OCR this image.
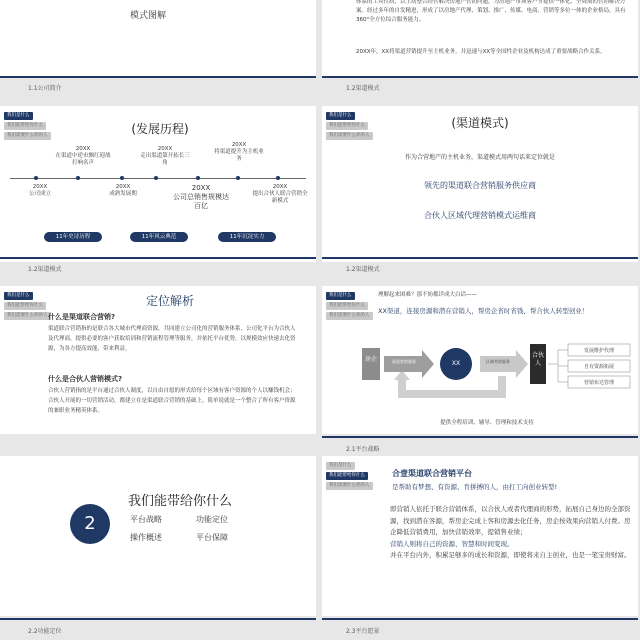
模式图解
体系的工具性质，以主动整合经营解决房地产营销问题，为房地产市场客户节提供一体化、全周期的营销解决方案。经过多年的自发精进，形成了以房地产代理、策划、推广、传媒、电商、营销等多位一体的企业格局，具有360°全方位综合服务能力。
20XX年，XX将渠道营销提升至主机业务，并迅速与XX等全国性企业及机构达成了重要战略合作关系。
1.1公司简介	1.2渠道模式
我们是什么
我们能带给你什么
我们需要什么样的人	(发展历程)
20XX
在渠道中逆市飘红迎战打响名声
20XX
走出渠道第开拓长三角
20XX
将渠道提升为主机业务
20XX
公司成立
20XX
成熟发展期
20XX
公司总销售规模达百亿
20XX
提出合伙人联合营销全新模式
11年史诗历程	11年风云典范	11年沉淀实力
1.2渠道模式
我们是什么
我们能带给你什么
我们需要什么样的人
(渠道模式)
作为合营地产的主机业务，渠道模式用两句话来定位就是
领先的渠道联合营销服务供应商
合伙人区域代理营销模式运维商
1.2渠道模式
我们是什么
我们能带给你什么
我们需要什么样的人
定位解析
什么是渠道联合营销?
渠道联合营销指的是联合各大城市代理商资源，共同建立公司化的营销服务体系，公司化平台为合伙人及代理商，提供必要的客户获取培训和营销流程管理等服务，并依托平台优势，以规模效应快速去化资源，为各方提高效能，带来利益。
什么是合伙人营销模式?
合伙人营销指的是平台通过合伙人制度，以自由自愿的形式给每个区域有客户资源的个人以赚钱机会；合伙人开展的一切营销活动，都建立在是渠道联合营销的基础上，简单说就是一个整合了所有客户资源的兼职业务精英体系。
我们是什么
我们能带给你什么
我们需要什么样的人
理解起来困难？那不妨都详成大白话——
XX渠道，连接房源和潜在营销人，帮房企省时省钱，帮合伙人转型创业！
房企
XX
合伙人
渠道营销服务	区域营销服务
发展维护代理
自有资源拓展
营销布达管理
提供全程培训、辅导、管理和技术支持
2.1平台战略
2
我们能带给你什么
平台战略	功能定位
操作概述	平台保障
2.2功能定位
我们是什么
我们能带给你什么
我们需要什么样的人
合壹渠道联合营销平台
是帮助有梦想、有资源、肯拼搏的人，由打工向创业转型!
即营销人依托于联合营销体系，以合伙人或者代理商的形势，拓展自己身边的全部资源，找到潜在客源，帮房企完成上客和房源去化任务，房企按效果向营销人付费。房企降低营销费用，加快营销效率，提销售业绩；
营销人则将自己的资源、智慧和时间变现。
并在平台内外，积累足够多的成长和资源，即使将来自主创业，也是一笔宝贵财富。
2.3平台愿景
